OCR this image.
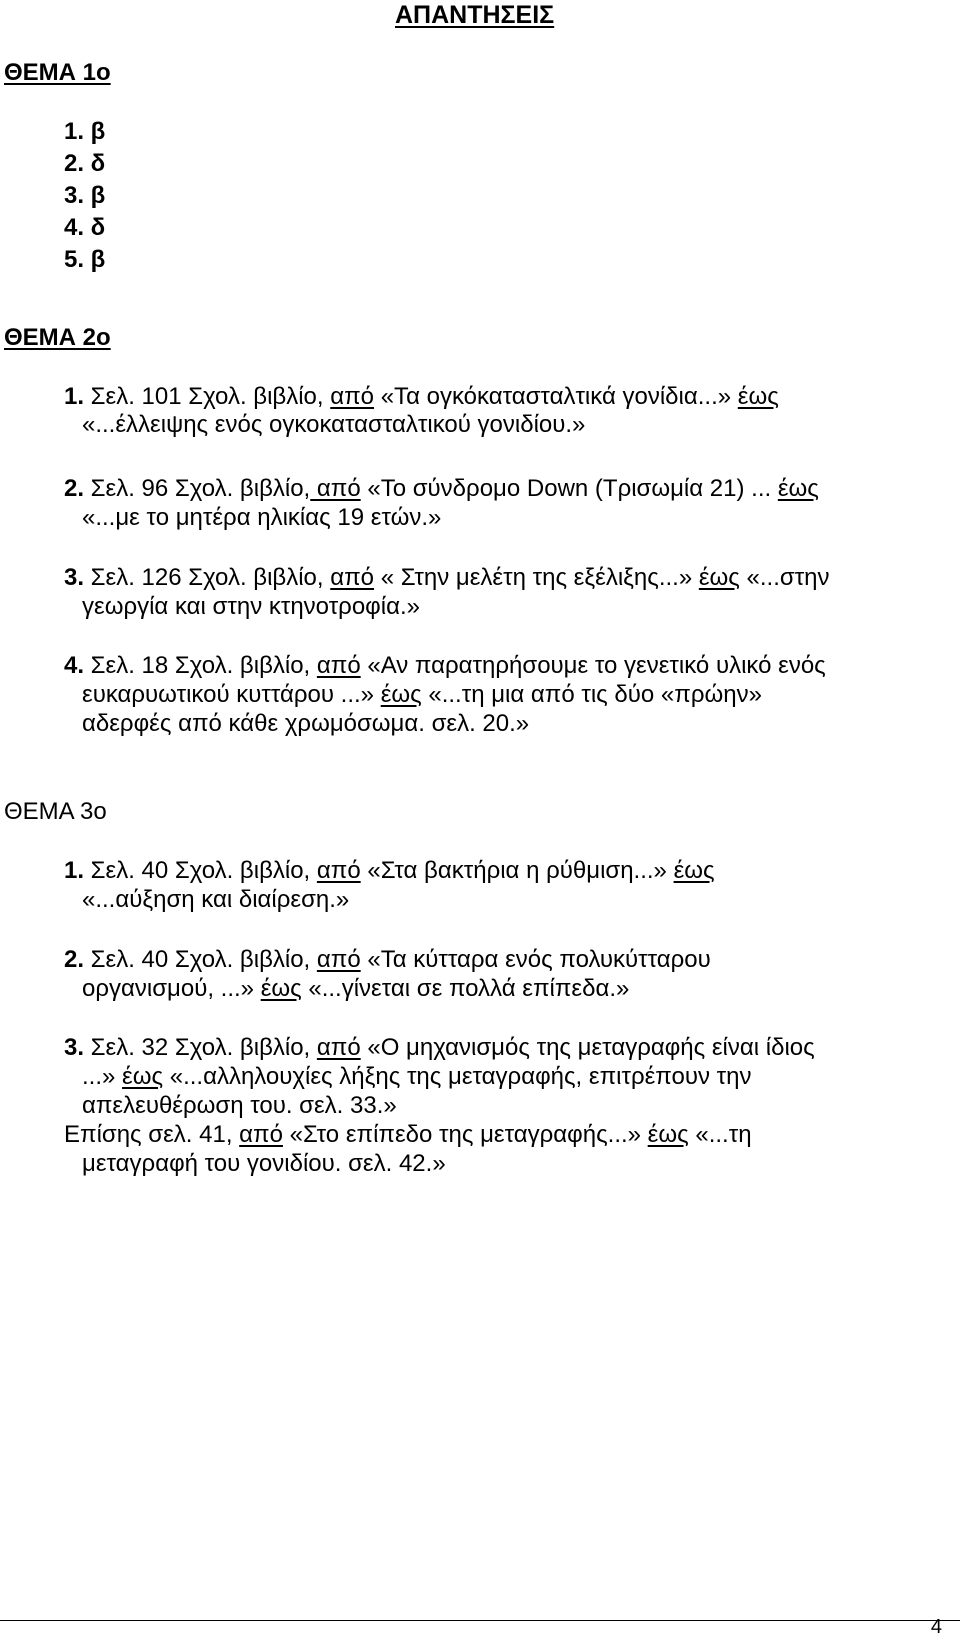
ΑΠΑΝΤΗΣΕΙΣ
ΘΕΜΑ 1ο
1. β
2. δ
3. β
4. δ
5. β
ΘΕΜΑ 2ο
1. Σελ. 101 Σχολ. βιβλίο, από «Τα ογκόκατασταλτικά γονίδια...» έως
«...έλλειψης ενός ογκοκατασταλτικού γονιδίου.»
2. Σελ. 96 Σχολ. βιβλίο, από «Το σύνδρομο Down (Τρισωμία 21) ... έως
«...με το μητέρα ηλικίας 19 ετών.»
3. Σελ. 126 Σχολ. βιβλίο, από « Στην μελέτη της εξέλιξης...» έως «...στην
γεωργία και στην κτηνοτροφία.»
4. Σελ. 18 Σχολ. βιβλίο, από «Αν παρατηρήσουμε το γενετικό υλικό ενός
ευκαρυωτικού κυττάρου ...» έως «...τη μια από τις δύο «πρώην»
αδερφές από κάθε χρωμόσωμα. σελ. 20.»
ΘΕΜΑ 3ο
1. Σελ. 40 Σχολ. βιβλίο, από «Στα βακτήρια η ρύθμιση...» έως
«...αύξηση και διαίρεση.»
2. Σελ. 40 Σχολ. βιβλίο, από «Τα κύτταρα ενός πολυκύτταρου
οργανισμού, ...» έως «...γίνεται σε πολλά επίπεδα.»
3. Σελ. 32 Σχολ. βιβλίο, από «Ο μηχανισμός της μεταγραφής είναι ίδιος
...» έως «...αλληλουχίες λήξης της μεταγραφής, επιτρέπουν την
απελευθέρωση του. σελ. 33.»
Επίσης σελ. 41, από «Στο επίπεδο της μεταγραφής...» έως «...τη
μεταγραφή του γονιδίου. σελ. 42.»
4
